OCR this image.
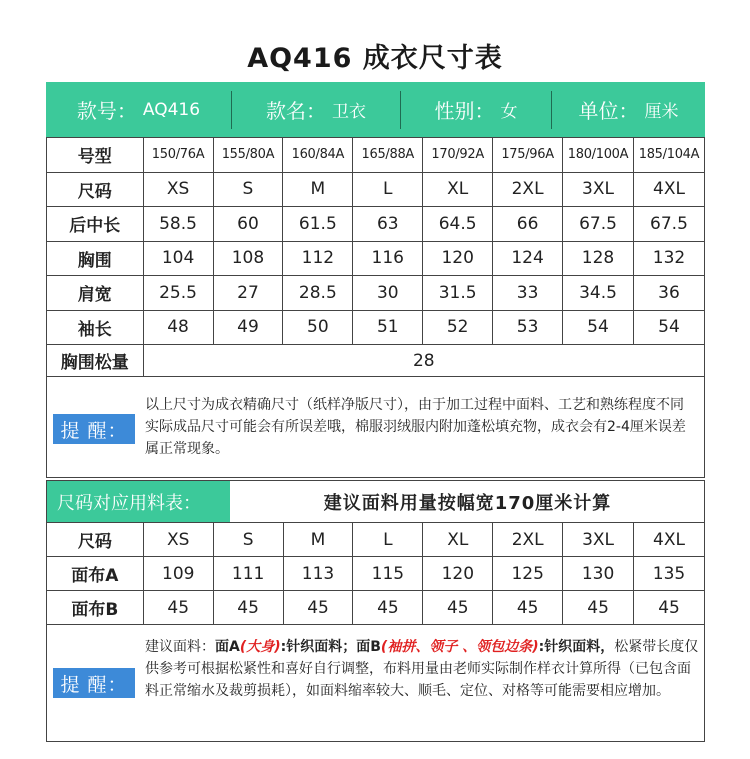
AQ416 成衣尺寸表
款号： AQ416	款名： 卫衣	性别： 女	单位： 厘米
号型	150/76A	155/80A	160/84A	165/88A	170/92A	175/96A	180/100A	185/104A
尺码	XS	S	M	L	XL	2XL	3XL	4XL
后中长	58.5	60	61.5	63	64.5	66	67.5	67.5
胸围	104	108	112	116	120	124	128	132
肩宽	25.5	27	28.5	30	31.5	33	34.5	36
袖长	48	49	50	51	52	53	54	54
胸围松量	28							
提 醒：
以上尺寸为成衣精确尺寸（纸样净版尺寸），由于加工过程中面料、工艺和熟练程度不同实际成品尺寸可能会有所误差哦，棉服羽绒服内附加蓬松填充物，成衣会有2-4厘米误差属正常现象。
尺码对应用料表：	建议面料用量按幅宽170厘米计算
尺码	XS	S	M	L	XL	2XL	3XL	4XL
面布A	109	111	113	115	120	125	130	135
面布B	45	45	45	45	45	45	45	45
提 醒：
建议面料：面A(大身):针织面料；面B(袖拼、领子 、领包边条):针织面料，松紧带长度仅供参考可根据松紧性和喜好自行调整，布料用量由老师实际制作样衣计算所得（已包含面料正常缩水及裁剪损耗），如面料缩率较大、顺毛、定位、对格等可能需要相应增加。
